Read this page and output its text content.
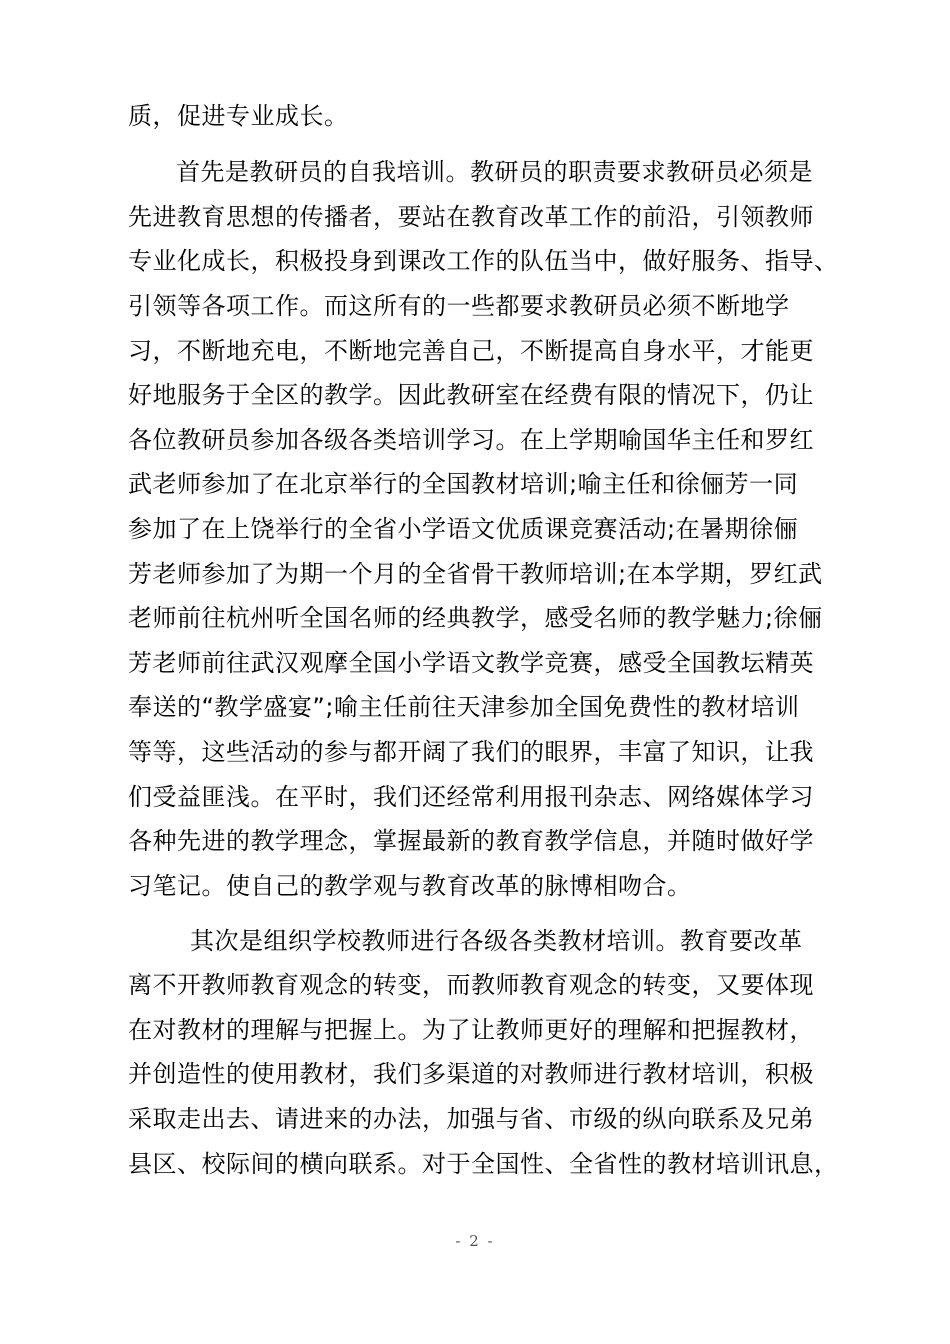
质，促进专业成长。
首先是教研员的自我培训。教研员的职责要求教研员必须是
先进教育思想的传播者，要站在教育改革工作的前沿，引领教师
专业化成长，积极投身到课改工作的队伍当中，做好服务、指导、
引领等各项工作。而这所有的一些都要求教研员必须不断地学
习，不断地充电，不断地完善自己，不断提高自身水平，才能更
好地服务于全区的教学。因此教研室在经费有限的情况下，仍让
各位教研员参加各级各类培训学习。在上学期喻国华主任和罗红
武老师参加了在北京举行的全国教材培训;喻主任和徐俪芳一同
参加了在上饶举行的全省小学语文优质课竞赛活动;在暑期徐俪
芳老师参加了为期一个月的全省骨干教师培训;在本学期，罗红武
老师前往杭州听全国名师的经典教学，感受名师的教学魅力;徐俪
芳老师前往武汉观摩全国小学语文教学竞赛，感受全国教坛精英
奉送的“教学盛宴”;喻主任前往天津参加全国免费性的教材培训
等等，这些活动的参与都开阔了我们的眼界，丰富了知识，让我
们受益匪浅。在平时，我们还经常利用报刊杂志、网络媒体学习
各种先进的教学理念，掌握最新的教育教学信息，并随时做好学
习笔记。使自己的教学观与教育改革的脉博相吻合。
其次是组织学校教师进行各级各类教材培训。教育要改革
离不开教师教育观念的转变，而教师教育观念的转变，又要体现
在对教材的理解与把握上。为了让教师更好的理解和把握教材，
并创造性的使用教材，我们多渠道的对教师进行教材培训，积极
采取走出去、请进来的办法，加强与省、市级的纵向联系及兄弟
县区、校际间的横向联系。对于全国性、全省性的教材培训讯息，
- 2 -
